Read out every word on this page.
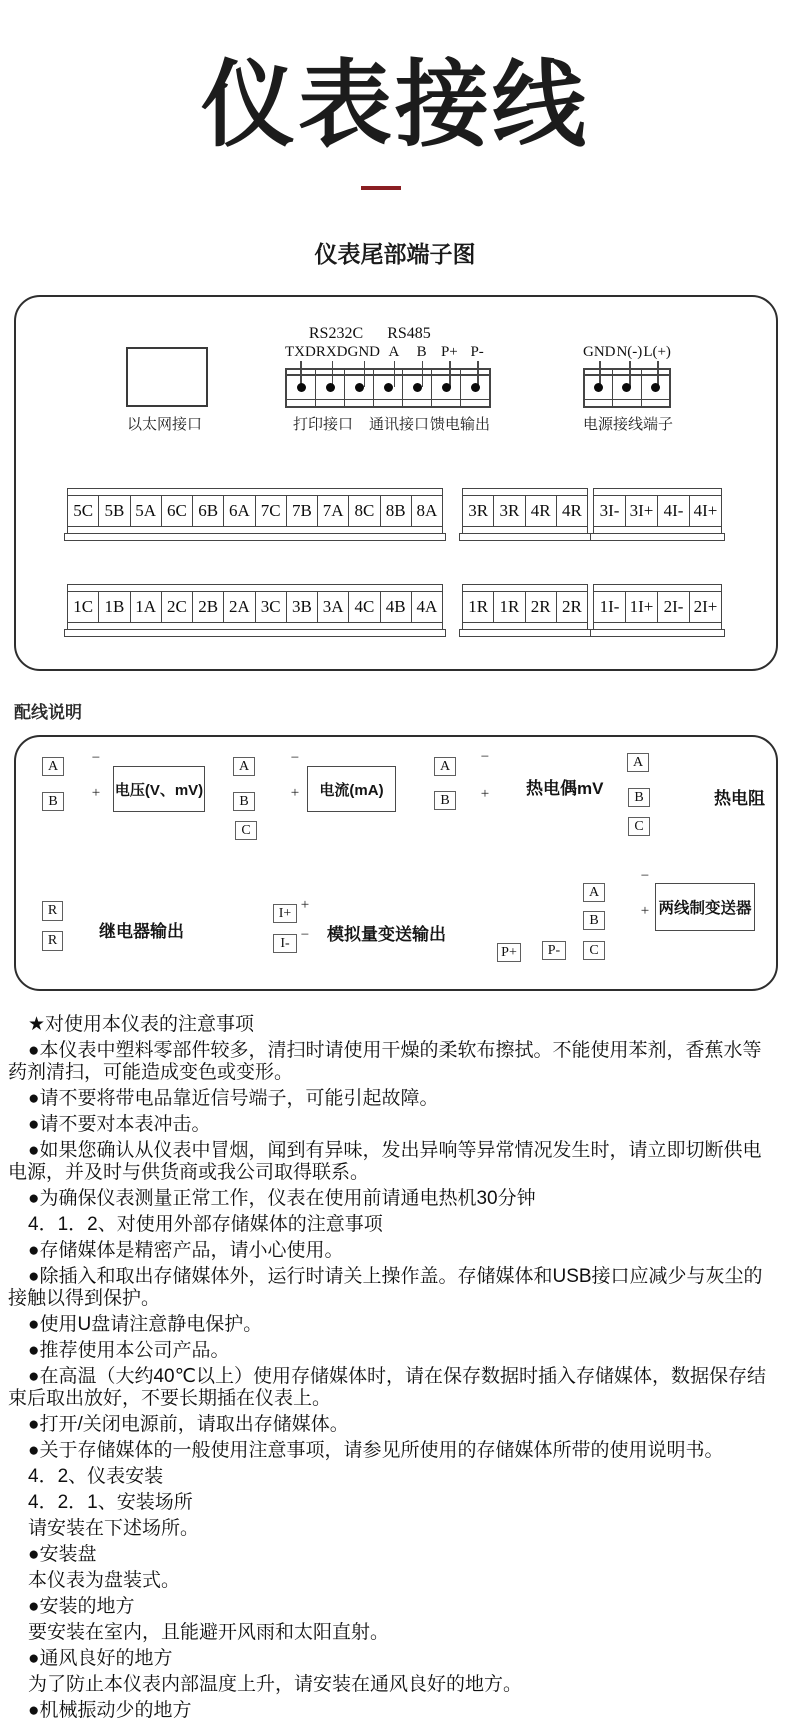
仪表接线
仪表尾部端子图
以太网接口
RS232C	RS485
TXD RXD GND A	B P+ P-
打印接口 通讯接口 馈电输出
GND N(-) L(+)
电源接线端子
5C 5B 5A 6C 6B 6A 7C 7B 7A 8C 8B 8A	3R 3R 4R 4R	3I- 3I+ 4I- 4I+
1C 1B 1A 2C 2B 2A 3C 3B 3A 4C 4B 4A	1R 1R 2R 2R	1I- 1I+ 2I- 2I+
配线说明
A
B
−
+ 电压(V、mV)
A
B
C
−
+	电流(mA)
A
B
−
+ 热电偶mV
A
B
C
热电阻
R
R	继电器输出
I+
I-
+
− 模拟量变送输出
A
B
C
P+	P-
−
+ 两线制变送器

★对使用本仪表的注意事项

●本仪表中塑料零部件较多，清扫时请使用干燥的柔软布擦拭。不能使用苯剂，香蕉水等药剂清扫，可能造成变色或变形。

●请不要将带电品靠近信号端子，可能引起故障。

●请不要对本表冲击。

●如果您确认从仪表中冒烟，闻到有异味，发出异响等异常情况发生时，请立即切断供电电源，并及时与供货商或我公司取得联系。

●为确保仪表测量正常工作，仪表在使用前请通电热机30分钟

4．1．2、对使用外部存储媒体的注意事项

●存储媒体是精密产品，请小心使用。

●除插入和取出存储媒体外，运行时请关上操作盖。存储媒体和USB接口应减少与灰尘的接触以得到保护。

●使用U盘请注意静电保护。

●推荐使用本公司产品。

●在高温（大约40℃以上）使用存储媒体时，请在保存数据时插入存储媒体，数据保存结束后取出放好，不要长期插在仪表上。

●打开/关闭电源前，请取出存储媒体。

●关于存储媒体的一般使用注意事项，请参见所使用的存储媒体所带的使用说明书。

4．2、仪表安装

4．2．1、安装场所

请安装在下述场所。

●安装盘

本仪表为盘装式。

●安装的地方

要安装在室内，且能避开风雨和太阳直射。

●通风良好的地方

为了防止本仪表内部温度上升，请安装在通风良好的地方。

●机械振动少的地方
